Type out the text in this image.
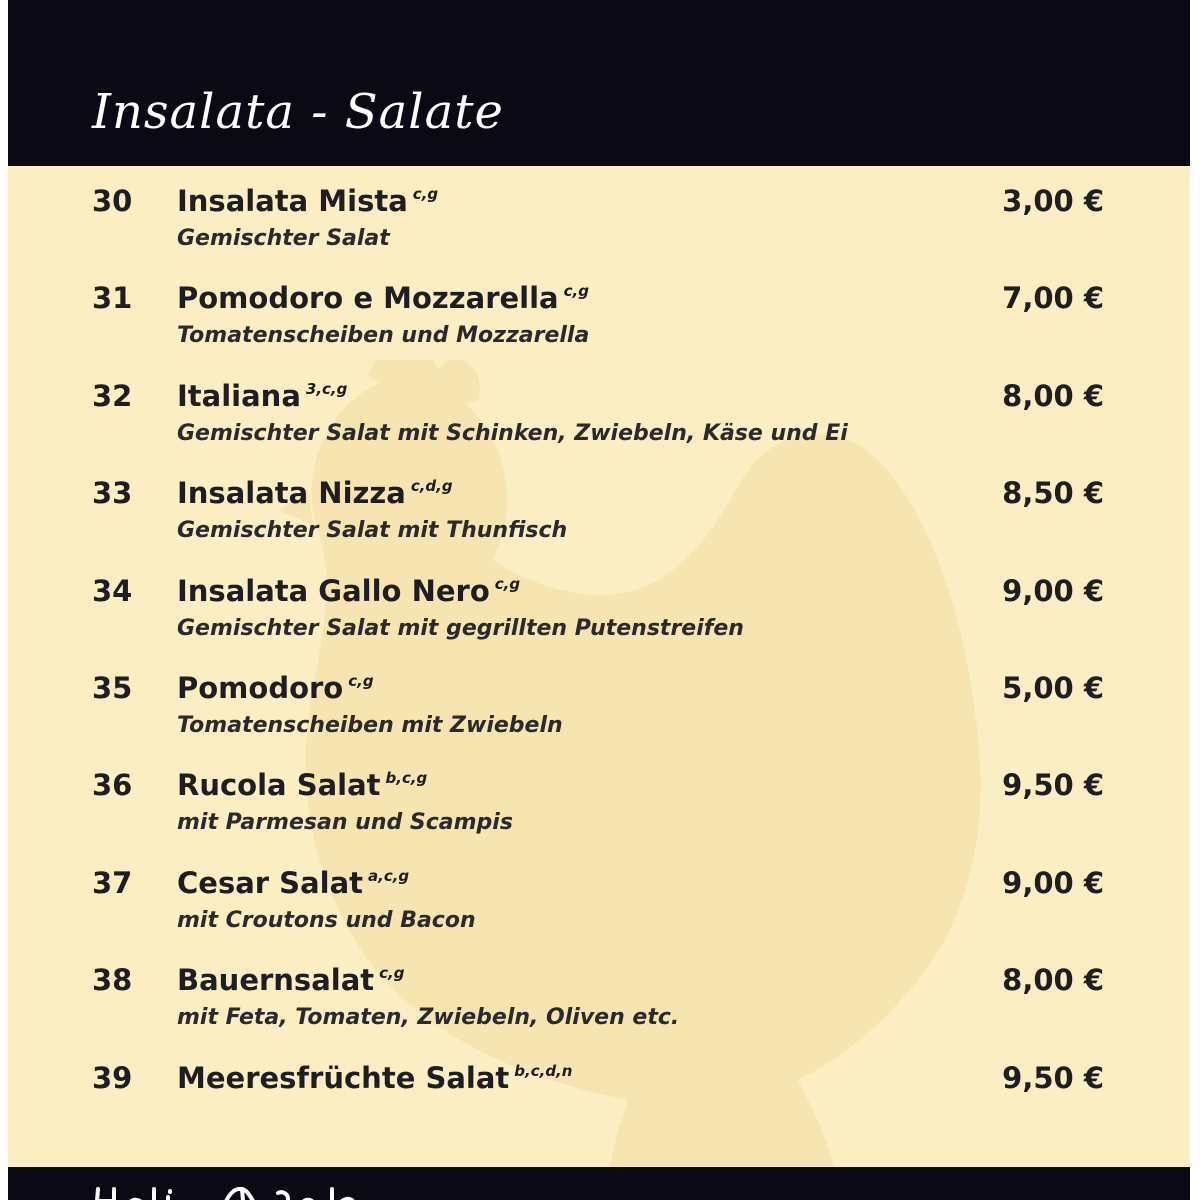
Insalata - Salate
30 Insalata Mista c,g
Gemischter Salat
3,00 €
31 Pomodoro e Mozzarella c,g
Tomatenscheiben und Mozzarella
7,00 €
32 Italiana 3,c,g
Gemischter Salat mit Schinken, Zwiebeln, Käse und Ei
8,00 €
33 Insalata Nizza c,d,g
Gemischter Salat mit Thunfisch
8,50 €
34 Insalata Gallo Nero c,g
Gemischter Salat mit gegrillten Putenstreifen
9,00 €
35 Pomodoro c,g
Tomatenscheiben mit Zwiebeln
5,00 €
36 Rucola Salat b,c,g
mit Parmesan und Scampis
9,50 €
37 Cesar Salat a,c,g
mit Croutons und Bacon
9,00 €
38 Bauernsalat c,g
mit Feta, Tomaten, Zwiebeln, Oliven etc.
8,00 €
39 Meeresfrüchte Salat b,c,d,n	9,50 €
